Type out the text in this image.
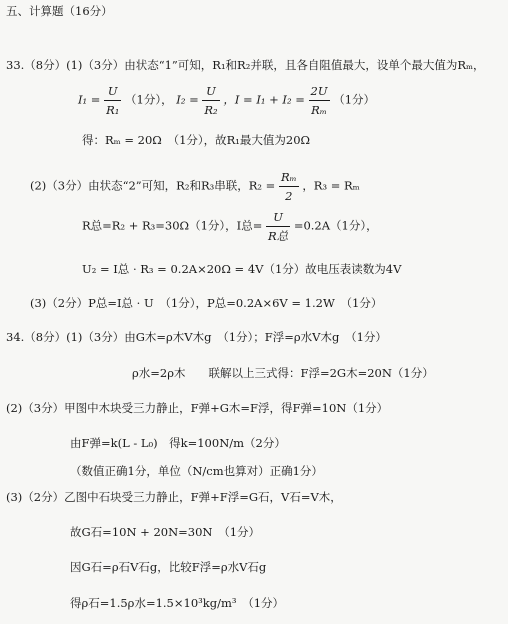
五、计算题（16分）
33.（8分）(1)（3分）由状态“1”可知，R₁和R₂并联，且各自阻值最大，设单个最大值为Rₘ，
$I_1 = \frac{U}{\text{R₁}} (1$分）， $I_2 = \frac{U}{\text{R₂}}$ ，$I = I_1 + I_2 = \frac{2U}{\text{Rₘ}} (1$分）
得：Rₘ = 20Ω　（1分），故R₁最大值为20Ω
(2)（3分）由状态“2”可知，R₂和R₃串联，$R_2 = \frac{\text{Rₘ}}{2}$ ，R₃ = Rₘ
R总=R₂ + R₃=30Ω（1分），I总= $\frac{U}{\text{R总}} =0.2A(1$分），
U₂ = I总 · R₃ = 0.2A×20Ω = 4V（1分）故电压表读数为4V
(3)（2分）P总=I总 · U　（1分），P总=0.2A×6V = 1.2W　（1分）
34.（8分）(1)（3分）由G木=ρ木V木g　（1分）；F浮=ρ水V木g　（1分）
ρ水=2ρ木　　联解以上三式得：F浮=2G木=20N（1分）
(2)（3分）甲图中木块受三力静止，F弹+G木=F浮，得F弹=10N（1分）
由F弹=k(L - L₀)　得k=100N/m（2分）
（数值正确1分，单位（N/cm也算对）正确1分）
(3)（2分）乙图中石块受三力静止，F弹+F浮=G石，V石=V木，
故G石=10N + 20N=30N　（1分）
因G石=ρ石V石g，比较F浮=ρ水V石g
得ρ石=1.5ρ水=1.5×10³kg/m³　（1分）
